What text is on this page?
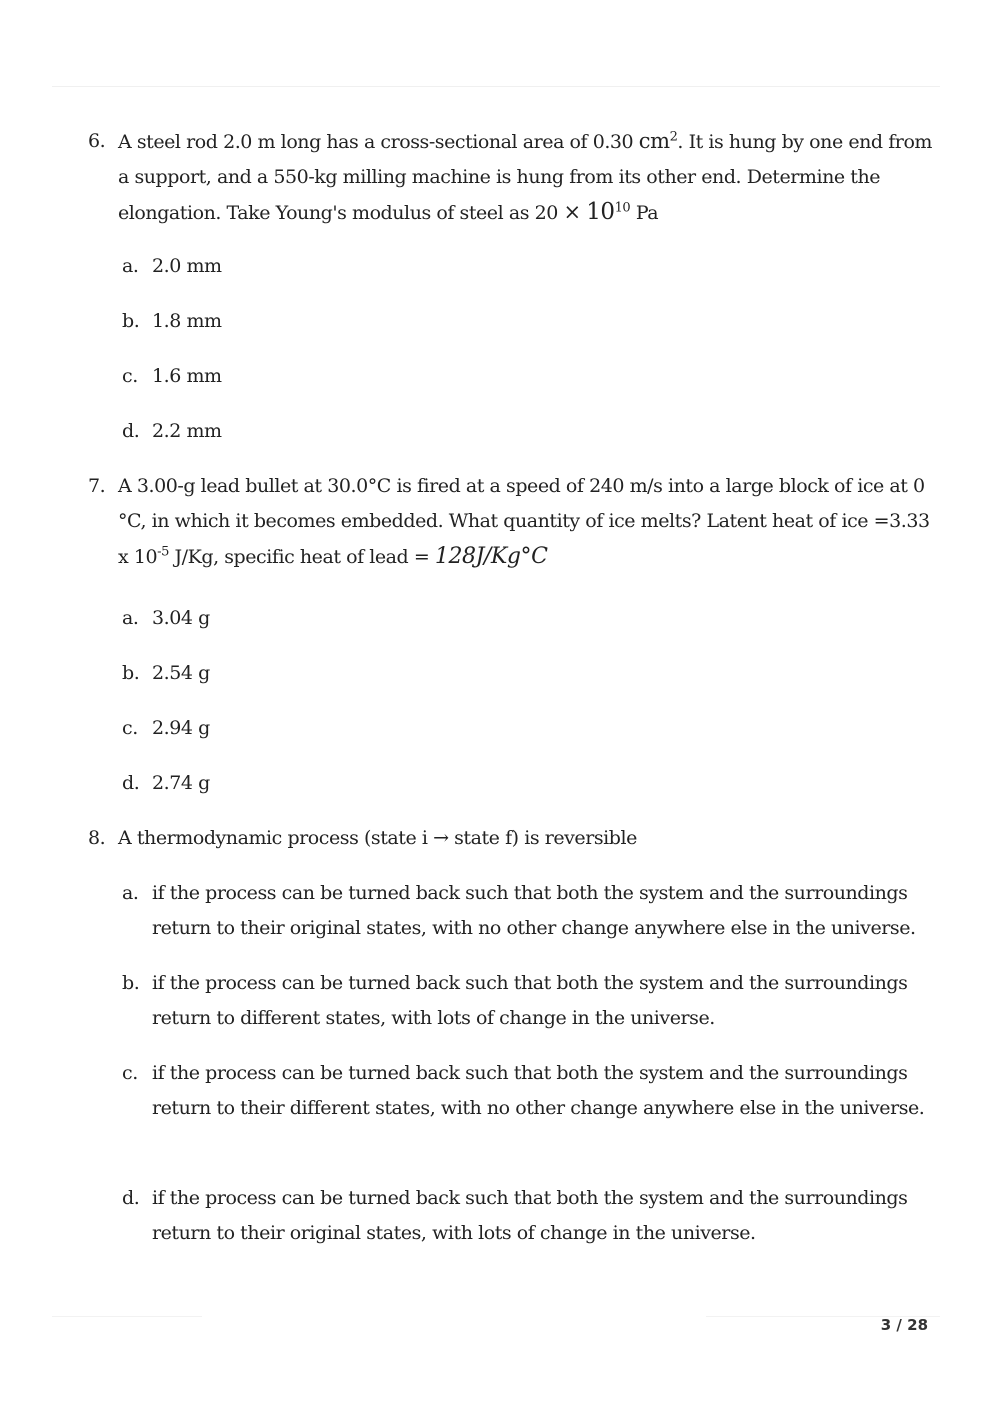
6. A steel rod 2.0 m long has a cross-sectional area of 0.30 $cm^2$. It is hung by one end from a support, and a 550-kg milling machine is hung from its other end. Determine the elongation. Take Young's modulus of steel as $20 \times 10^{10}$ Pa
a. 2.0 mm
b. 1.8 mm
c. 1.6 mm
d. 2.2 mm
7. A 3.00-g lead bullet at 30.0°C is fired at a speed of 240 m/s into a large block of ice at 0 °C, in which it becomes embedded. What quantity of ice melts? Latent heat of ice =3.33 x $10^{-5}$ J/Kg, specific heat of lead = 128J/Kg°C
a. 3.04 g
b. 2.54 g
c. 2.94 g
d. 2.74 g
8. A thermodynamic process (state i → state f) is reversible
a. if the process can be turned back such that both the system and the surroundings return to their original states, with no other change anywhere else in the universe.
b. if the process can be turned back such that both the system and the surroundings return to different states, with lots of change in the universe.
c. if the process can be turned back such that both the system and the surroundings return to their different states, with no other change anywhere else in the universe.
d. if the process can be turned back such that both the system and the surroundings return to their original states, with lots of change in the universe.
3 / 28
